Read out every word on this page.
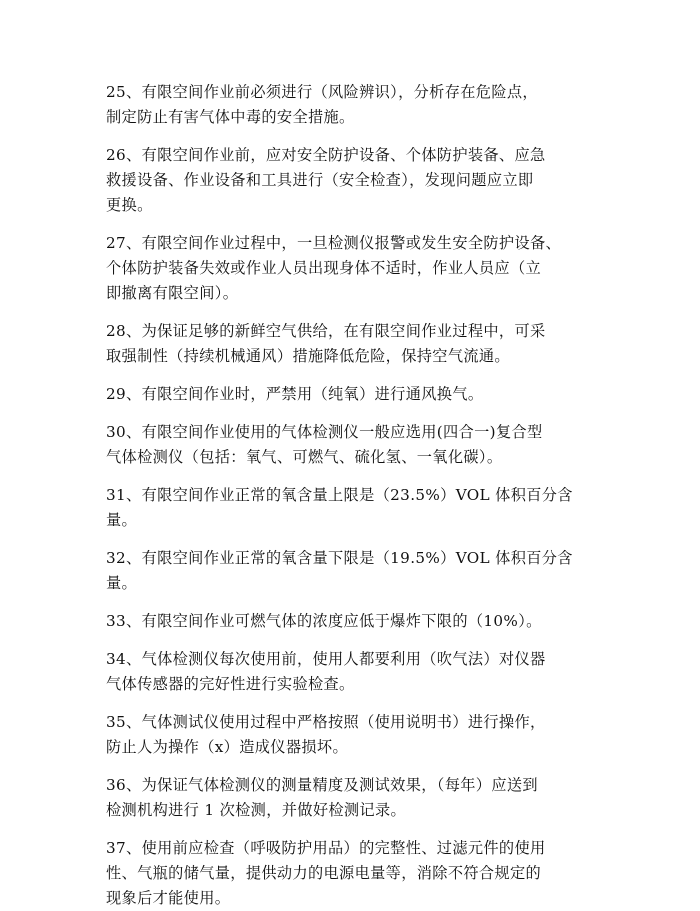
25、有限空间作业前必须进行（风险辨识），分析存在危险点，
制定防止有害气体中毒的安全措施。
26、有限空间作业前，应对安全防护设备、个体防护装备、应急
救援设备、作业设备和工具进行（安全检查），发现问题应立即
更换。
27、有限空间作业过程中，一旦检测仪报警或发生安全防护设备、
个体防护装备失效或作业人员出现身体不适时，作业人员应（立
即撤离有限空间）。
28、为保证足够的新鲜空气供给，在有限空间作业过程中，可采
取强制性（持续机械通风）措施降低危险，保持空气流通。
29、有限空间作业时，严禁用（纯氧）进行通风换气。
30、有限空间作业使用的气体检测仪一般应选用(四合一)复合型
气体检测仪（包括：氧气、可燃气、硫化氢、一氧化碳）。
31、有限空间作业正常的氧含量上限是（23.5%）VOL 体积百分含
量。
32、有限空间作业正常的氧含量下限是（19.5%）VOL 体积百分含
量。
33、有限空间作业可燃气体的浓度应低于爆炸下限的（10%）。
34、气体检测仪每次使用前，使用人都要利用（吹气法）对仪器
气体传感器的完好性进行实验检查。
35、气体测试仪使用过程中严格按照（使用说明书）进行操作，
防止人为操作（x）造成仪器损坏。
36、为保证气体检测仪的测量精度及测试效果，（每年）应送到
检测机构进行 1 次检测，并做好检测记录。
37、使用前应检查（呼吸防护用品）的完整性、过滤元件的使用
性、气瓶的储气量，提供动力的电源电量等，消除不符合规定的
现象后才能使用。
